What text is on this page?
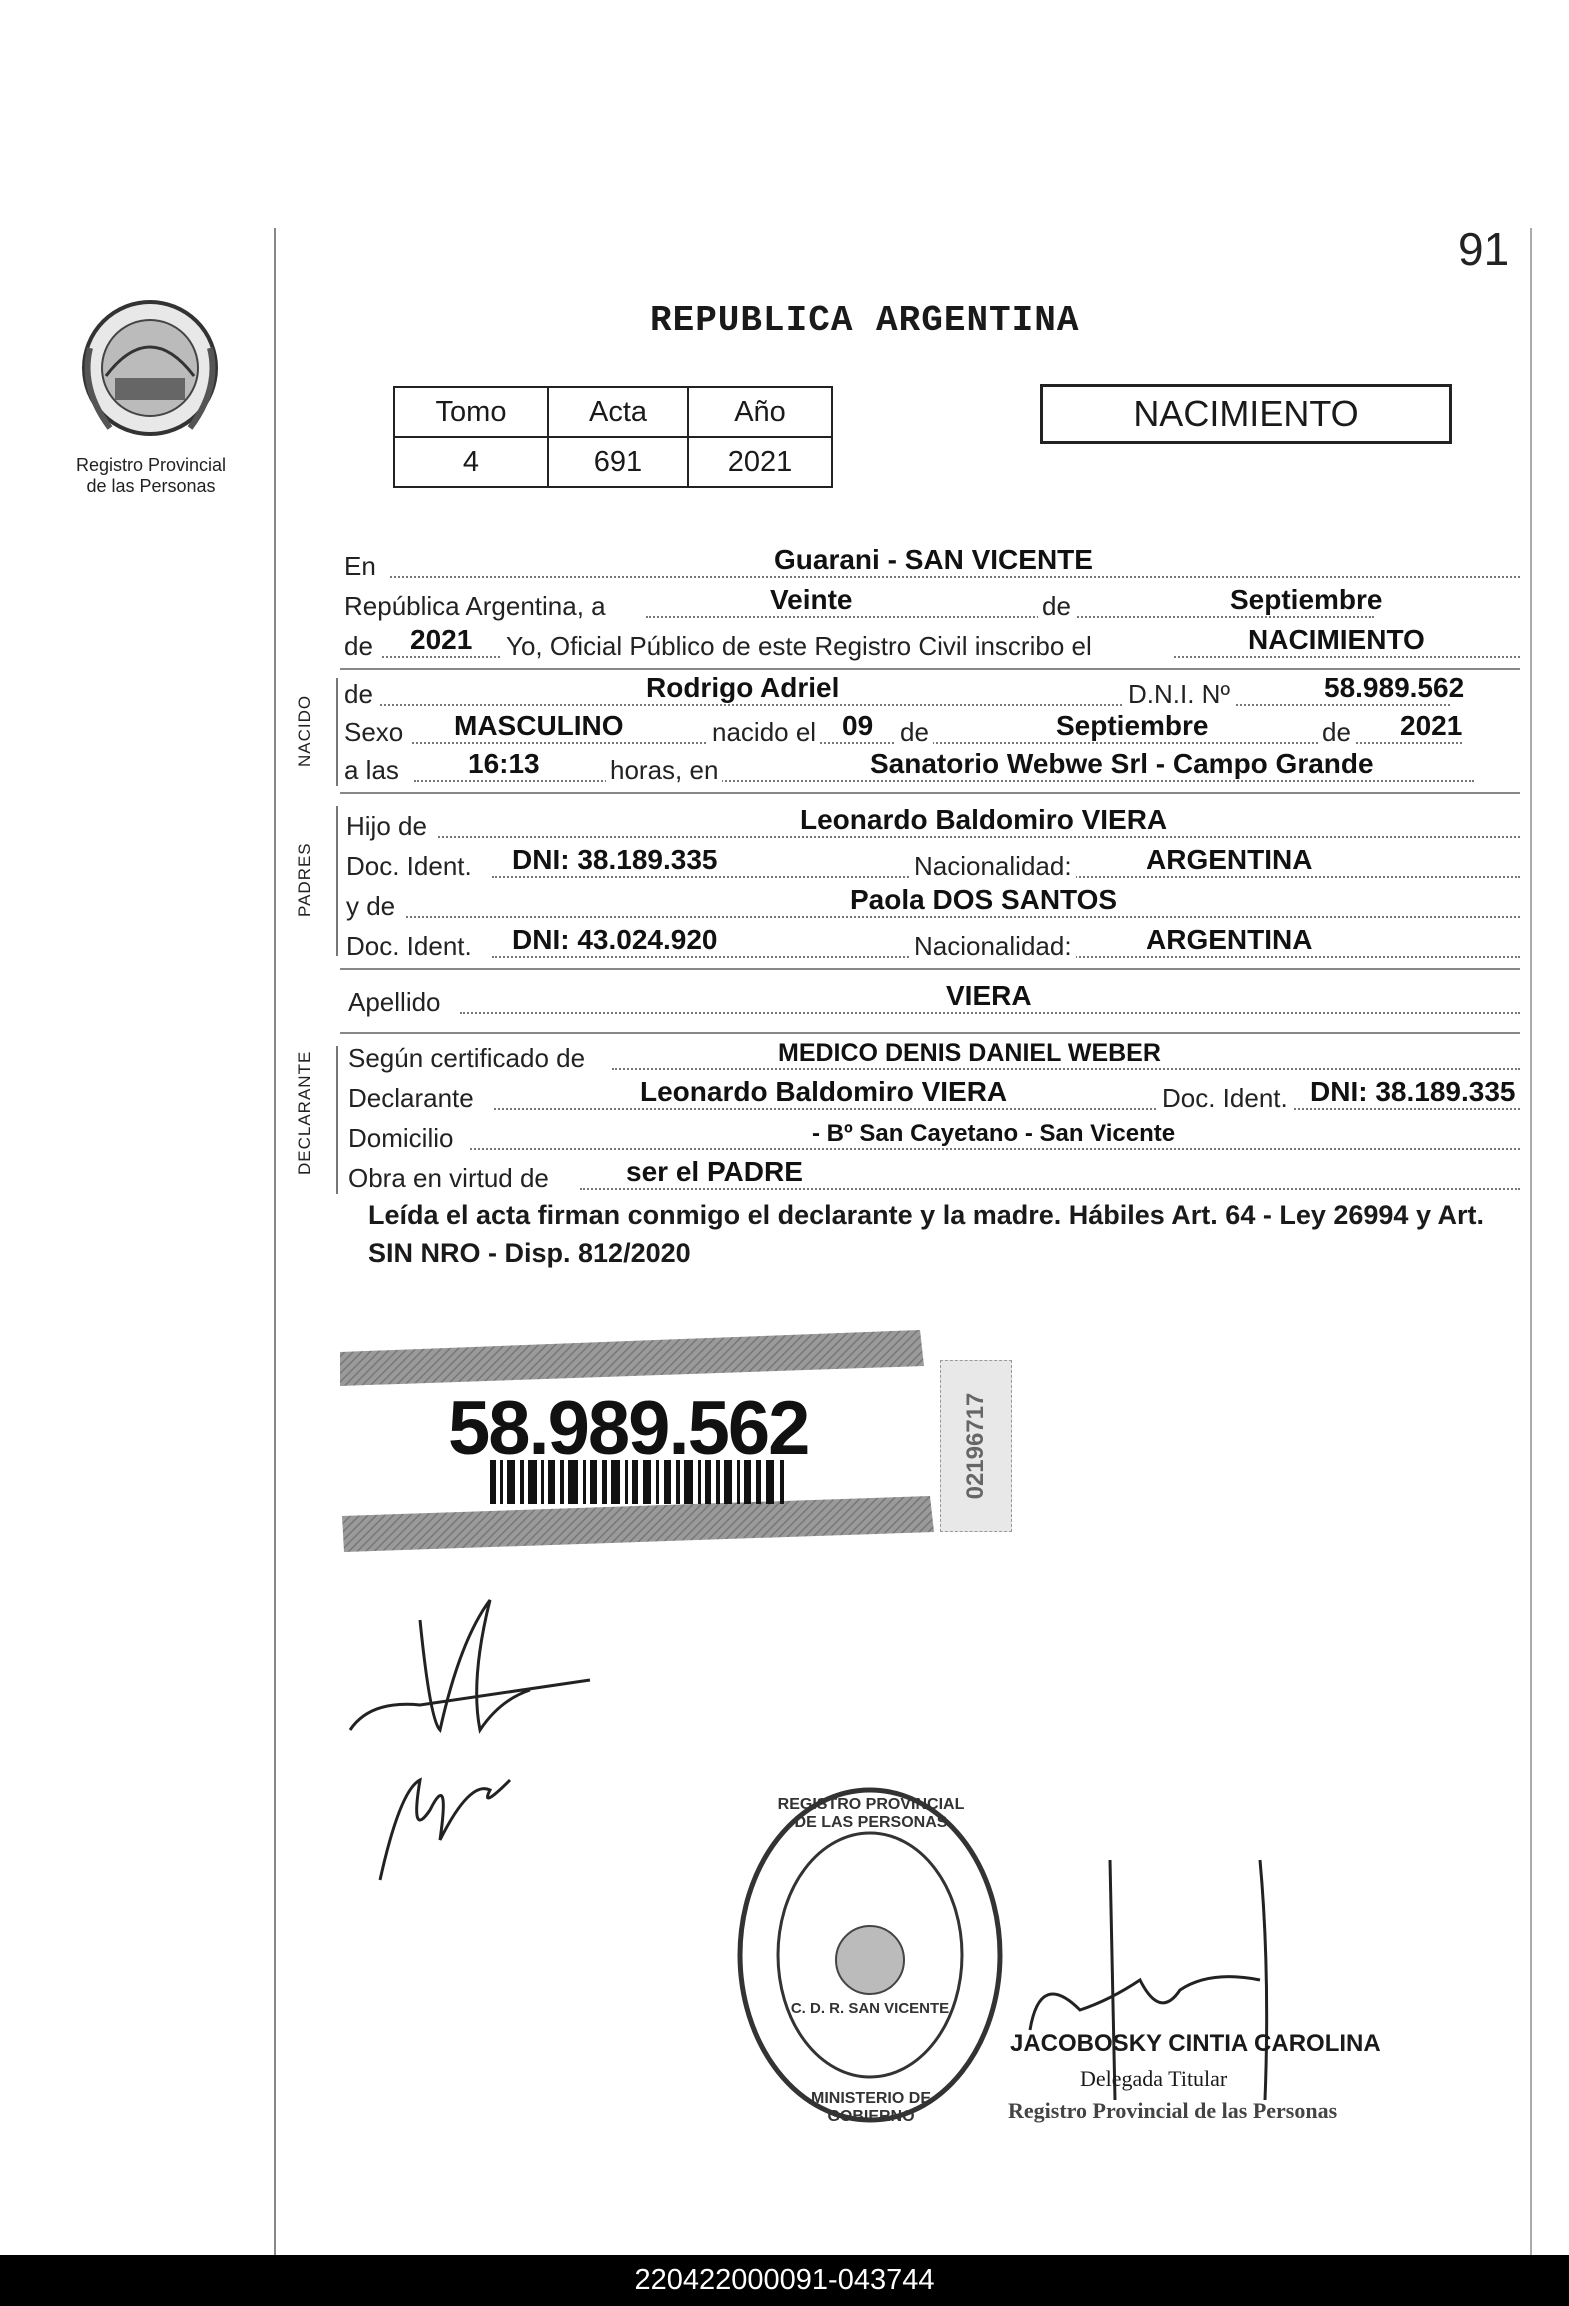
91
Registro Provincial
de las Personas
REPUBLICA ARGENTINA
Tomo	Acta	Año
4	691	2021
NACIMIENTO
En	Guarani - SAN VICENTE
República Argentina, a	Veinte	de	Septiembre
de 2021 Yo, Oficial Público de este Registro Civil inscribo el	NACIMIENTO
NACIDO
de	Rodrigo Adriel	D.N.I. Nº	58.989.562
Sexo MASCULINO	nacido el 09 de	Septiembre	de 2021
a las 16:13	horas, en	Sanatorio Webwe Srl - Campo Grande
PADRES
Hijo de	Leonardo Baldomiro VIERA
Doc. Ident. DNI: 38.189.335	Nacionalidad:	ARGENTINA
y de	Paola DOS SANTOS
Doc. Ident. DNI: 43.024.920	Nacionalidad:	ARGENTINA
Apellido	VIERA
DECLARANTE Según certificado de	MEDICO DENIS DANIEL WEBER
Declarante	Leonardo Baldomiro VIERA	Doc. Ident. DNI: 38.189.335
Domicilio	- Bº San Cayetano - San Vicente
Obra en virtud de	ser el PADRE
Leída el acta firman conmigo el declarante y la madre. Hábiles Art. 64 - Ley 26994 y Art. SIN NRO - Disp. 812/2020
58.989.562	02196717
REGISTRO PROVINCIAL DE LAS PERSONAS
C. D. R. SAN VICENTE
MINISTERIO DE GOBIERNO
JACOBOSKY CINTIA CAROLINA
Delegada Titular
Registro Provincial de las Personas
220422000091-043744
